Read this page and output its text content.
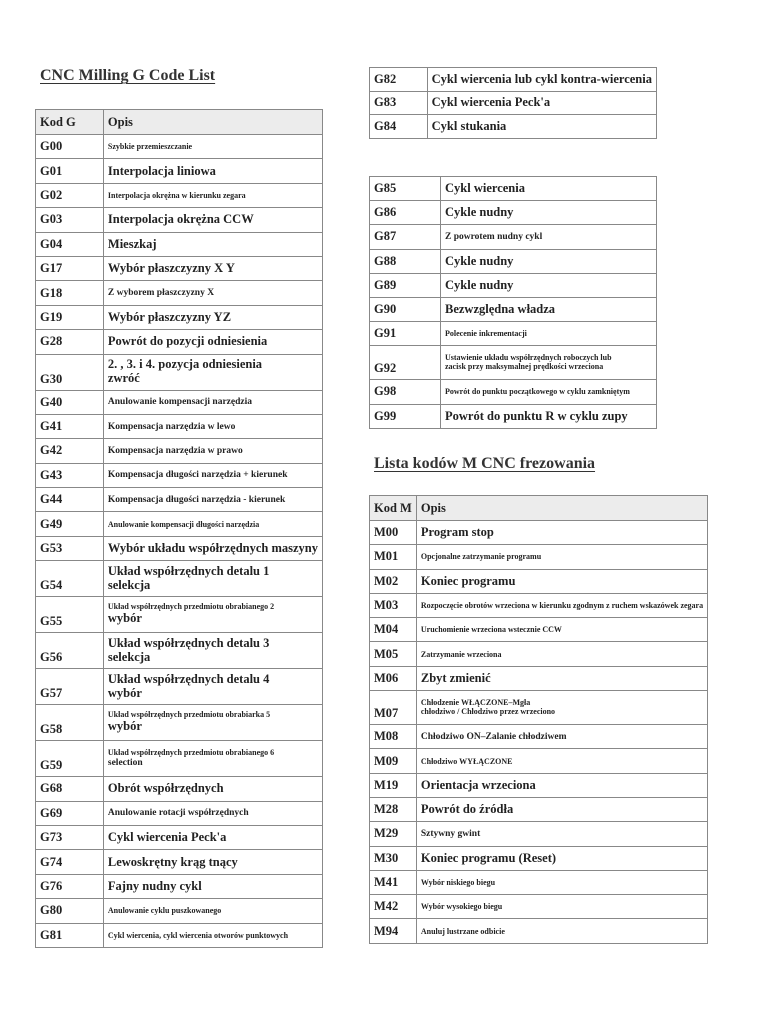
CNC Milling G Code List
Kod G	Opis
G00	Szybkie przemieszczanie

G01	Interpolacja liniowa

G02	Interpolacja okrężna w kierunku zegara

G03	Interpolacja okrężna CCW

G04	Mieszkaj

G17	Wybór płaszczyzny X Y

G18	Z wyborem płaszczyzny X

G19	Wybór płaszczyzny YZ

G28	Powrót do pozycji odniesienia

G30	2. , 3. i 4. pozycja odniesienia
zwróć

G40	Anulowanie kompensacji narzędzia

G41	Kompensacja narzędzia w lewo

G42	Kompensacja narzędzia w prawo

G43	Kompensacja długości narzędzia + kierunek

G44	Kompensacja długości narzędzia - kierunek

G49	Anulowanie kompensacji długości narzędzia

G53	Wybór układu współrzędnych maszyny

G54	Układ współrzędnych detalu 1
selekcja

G55	Układ współrzędnych przedmiotu obrabianego 2
wybór

G56	Układ współrzędnych detalu 3
selekcja

G57	Układ współrzędnych detalu 4
wybór

G58	Układ współrzędnych przedmiotu obrabiarka 5
wybór

G59	Układ współrzędnych przedmiotu obrabianego 6
selection

G68	Obrót współrzędnych

G69	Anulowanie rotacji współrzędnych

G73	Cykl wiercenia Peck'a

G74	Lewoskrętny krąg tnący

G76	Fajny nudny cykl

G80	Anulowanie cyklu puszkowanego

G81	Cykl wiercenia, cykl wiercenia otworów punktowych
G82	Cykl wiercenia lub cykl kontra-wiercenia

G83	Cykl wiercenia Peck'a

G84	Cykl stukania
G85	Cykl wiercenia

G86	Cykle nudny

G87	Z powrotem nudny cykl

G88	Cykle nudny

G89	Cykle nudny

G90	Bezwzględna władza

G91	Polecenie inkrementacji

G92	Ustawienie układu współrzędnych roboczych lub
zacisk przy maksymalnej prędkości wrzeciona

G98	Powrót do punktu początkowego w cyklu zamkniętym

G99	Powrót do punktu R w cyklu zupy
Lista kodów M CNC frezowania
Kod M	Opis
M00	Program stop

M01	Opcjonalne zatrzymanie programu

M02	Koniec programu

M03	Rozpoczęcie obrotów wrzeciona w kierunku zgodnym z ruchem wskazówek zegara

M04	Uruchomienie wrzeciona wstecznie CCW

M05	Zatrzymanie wrzeciona

M06	Zbyt zmienić

M07	Chłodzenie WŁĄCZONE–Mgła
chłodziwo / Chłodziwo przez wrzeciono

M08	Chłodziwo ON–Zalanie chłodziwem

M09	Chłodziwo WYŁĄCZONE

M19	Orientacja wrzeciona

M28	Powrót do źródła

M29	Sztywny gwint

M30	Koniec programu (Reset)

M41	Wybór niskiego biegu

M42	Wybór wysokiego biegu

M94	Anuluj lustrzane odbicie
